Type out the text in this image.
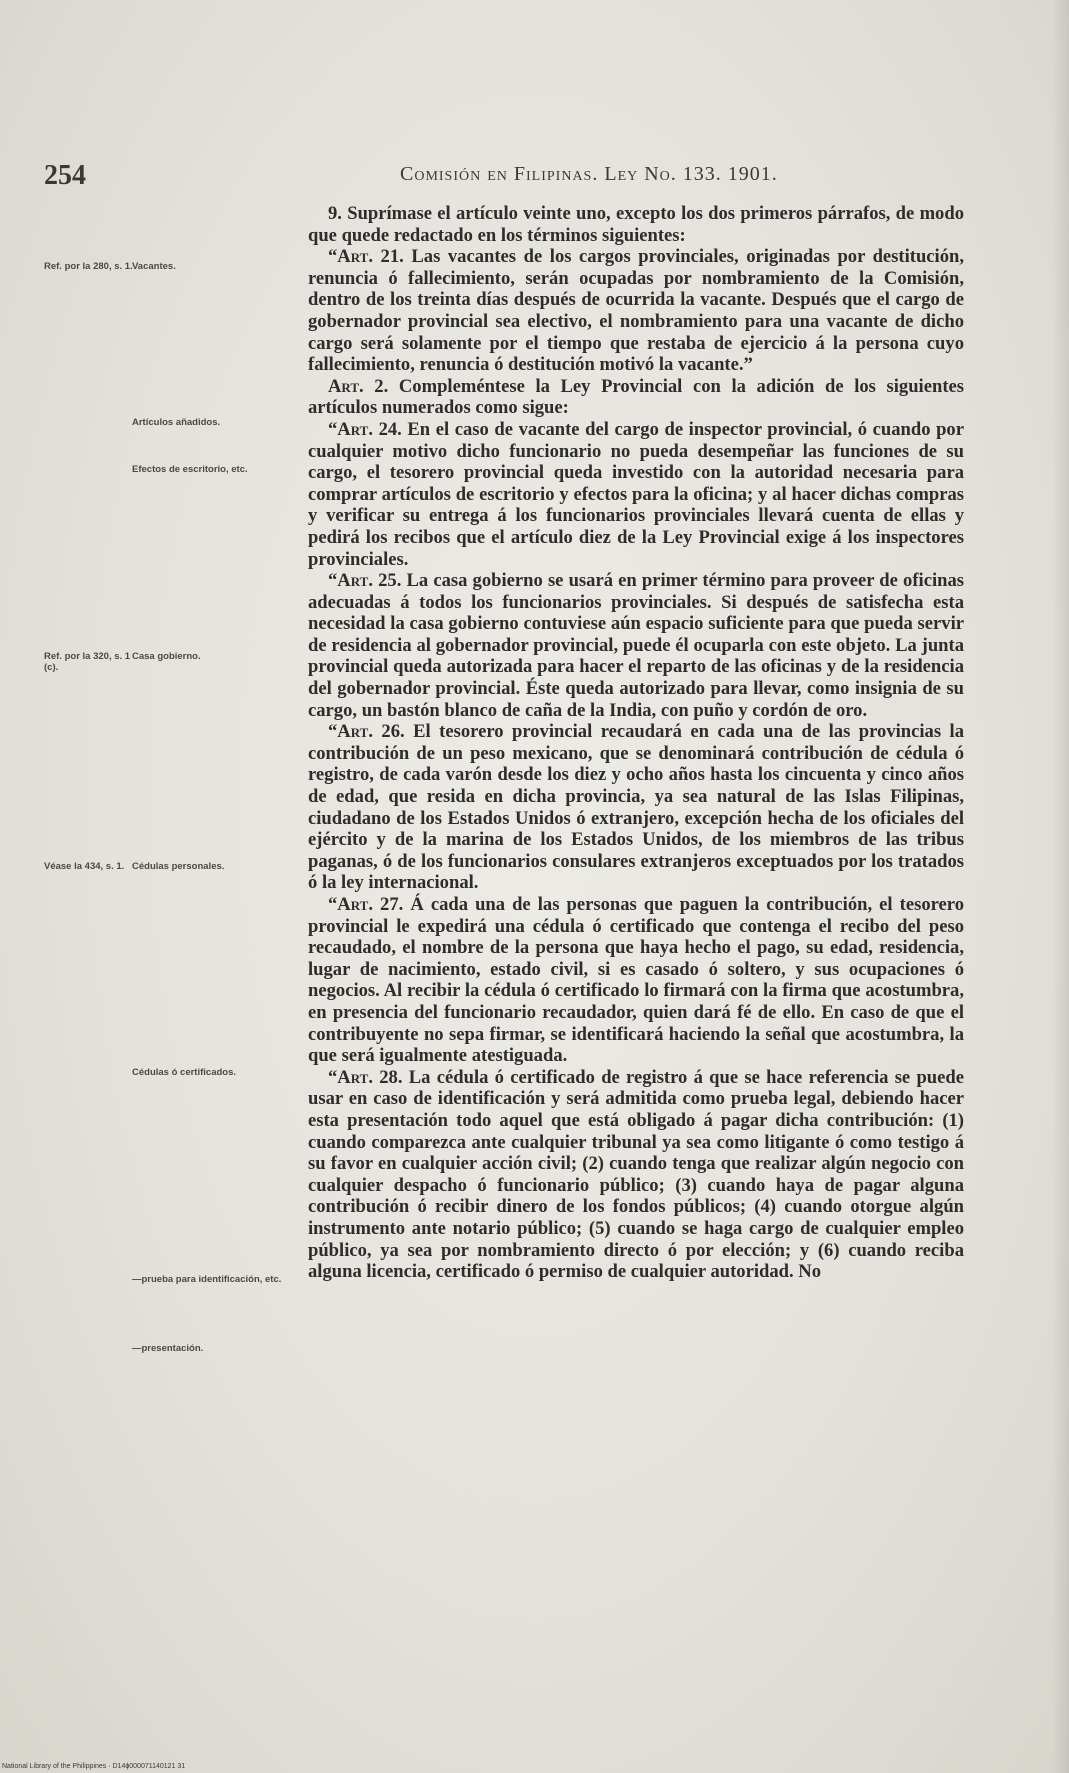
254	Comisión en Filipinas. Ley No. 133. 1901.
Ref. por la 280, s. 1. Vacantes.
Artículos añadidos.
Efectos de escritorio, etc.
Ref. por la 320, s. 1 (c).
Casa gobierno.
Véase la 434, s. 1. Cédulas personales.
Cédulas ó certificados.
—prueba para identificación, etc.
—presentación.

9. Suprímase el artículo veinte uno, excepto los dos primeros párrafos, de modo que quede redactado en los términos siguientes:

“Art. 21. Las vacantes de los cargos provinciales, originadas por destitución, renuncia ó fallecimiento, serán ocupadas por nombramiento de la Comisión, dentro de los treinta días después de ocurrida la vacante. Después que el cargo de gobernador provincial sea electivo, el nombramiento para una vacante de dicho cargo será solamente por el tiempo que restaba de ejercicio á la persona cuyo fallecimiento, renuncia ó destitución motivó la vacante.”

Art. 2. Compleméntese la Ley Provincial con la adición de los siguientes artículos numerados como sigue:

“Art. 24. En el caso de vacante del cargo de inspector provincial, ó cuando por cualquier motivo dicho funcionario no pueda desempeñar las funciones de su cargo, el tesorero provincial queda investido con la autoridad necesaria para comprar artículos de escritorio y efectos para la oficina; y al hacer dichas compras y verificar su entrega á los funcionarios provinciales llevará cuenta de ellas y pedirá los recibos que el artículo diez de la Ley Provincial exige á los inspectores provinciales.

“Art. 25. La casa gobierno se usará en primer término para proveer de oficinas adecuadas á todos los funcionarios provinciales. Si después de satisfecha esta necesidad la casa gobierno contuviese aún espacio suficiente para que pueda servir de residencia al gobernador provincial, puede él ocuparla con este objeto. La junta provincial queda autorizada para hacer el reparto de las oficinas y de la residencia del gobernador provincial. Éste queda autorizado para llevar, como insignia de su cargo, un bastón blanco de caña de la India, con puño y cordón de oro.

“Art. 26. El tesorero provincial recaudará en cada una de las provincias la contribución de un peso mexicano, que se denominará contribución de cédula ó registro, de cada varón desde los diez y ocho años hasta los cincuenta y cinco años de edad, que resida en dicha provincia, ya sea natural de las Islas Filipinas, ciudadano de los Estados Unidos ó extranjero, excepción hecha de los oficiales del ejército y de la marina de los Estados Unidos, de los miembros de las tribus paganas, ó de los funcionarios consulares extranjeros exceptuados por los tratados ó la ley internacional.

“Art. 27. Á cada una de las personas que paguen la contribución, el tesorero provincial le expedirá una cédula ó certificado que contenga el recibo del peso recaudado, el nombre de la persona que haya hecho el pago, su edad, residencia, lugar de nacimiento, estado civil, si es casado ó soltero, y sus ocupaciones ó negocios. Al recibir la cédula ó certificado lo firmará con la firma que acostumbra, en presencia del funcionario recaudador, quien dará fé de ello. En caso de que el contribuyente no sepa firmar, se identificará haciendo la señal que acostumbra, la que será igualmente atestiguada.

“Art. 28. La cédula ó certificado de registro á que se hace referencia se puede usar en caso de identificación y será admitida como prueba legal, debiendo hacer esta presentación todo aquel que está obligado á pagar dicha contribución: (1) cuando comparezca ante cualquier tribunal ya sea como litigante ó como testigo á su favor en cualquier acción civil; (2) cuando tenga que realizar algún negocio con cualquier despacho ó funcionario público; (3) cuando haya de pagar alguna contribución ó recibir dinero de los fondos públicos; (4) cuando otorgue algún instrumento ante notario público; (5) cuando se haga cargo de cualquier empleo público, ya sea por nombramiento directo ó por elección; y (6) cuando reciba alguna licencia, certificado ó permiso de cualquier autoridad. No

National Library of the Philippines · D14ϕ000071140121 31
